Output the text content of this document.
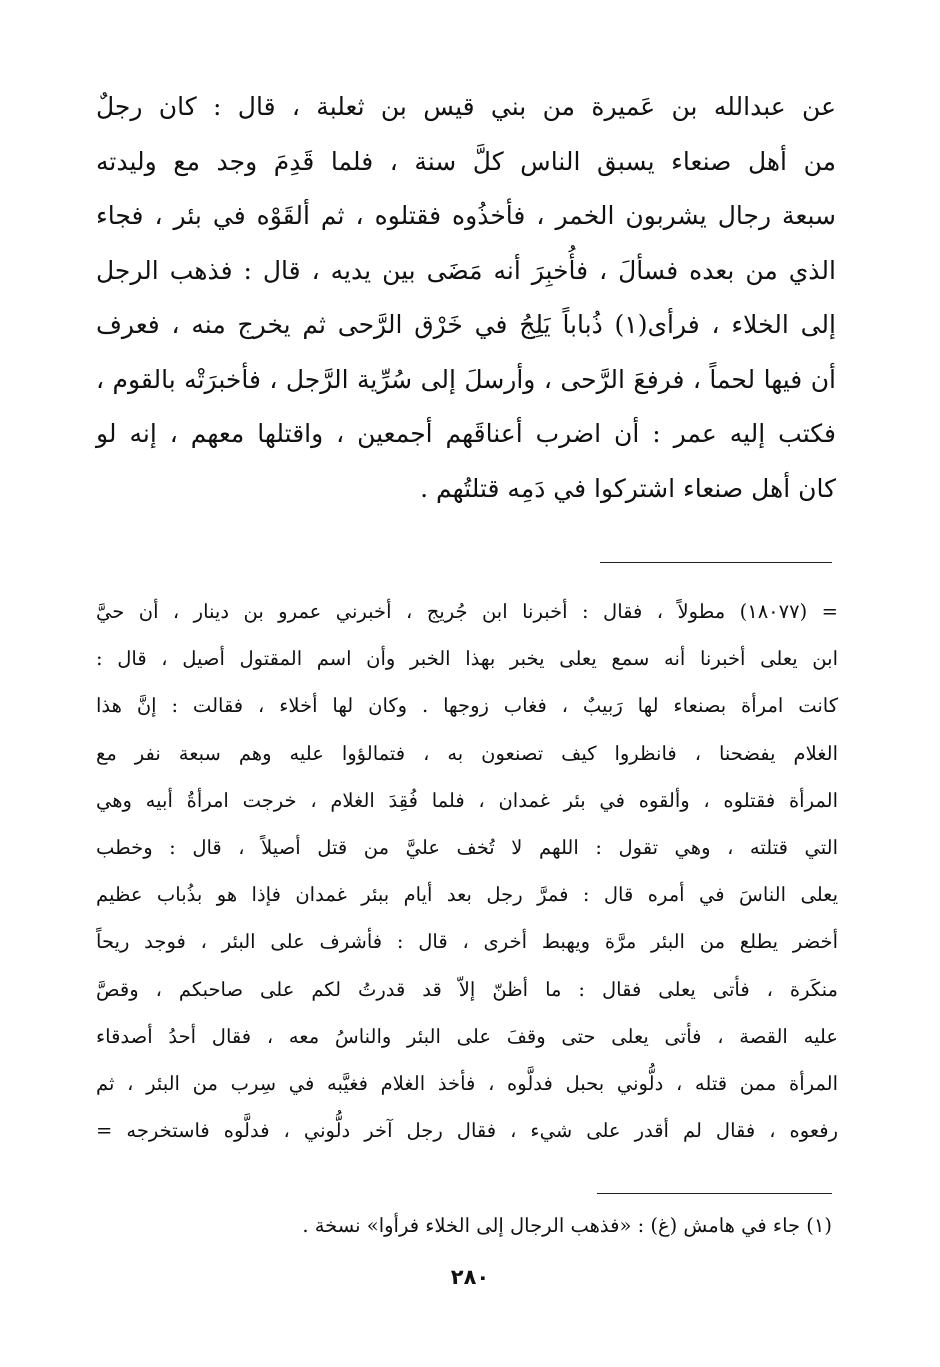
عن عبدالله بن عَميرة من بني قيس بن ثعلبة ، قال : كان رجلٌ
من أهل صنعاء يسبق الناس كلَّ سنة ، فلما قَدِمَ وجد مع وليدته
سبعة رجال يشربون الخمر ، فأخذُوه فقتلوه ، ثم ألقَوْه في بئر ، فجاء
الذي من بعده فسألَ ، فأُخبِرَ أنه مَضَى بين يديه ، قال : فذهب الرجل
إلى الخلاء ، فرأى(١) ذُباباً يَلِجُ في خَرْق الرَّحى ثم يخرج منه ، فعرف
أن فيها لحماً ، فرفعَ الرَّحى ، وأرسلَ إلى سُرِّية الرَّجل ، فأخبرَتْه بالقوم ،
فكتب إليه عمر : أن اضرب أعناقَهم أجمعين ، واقتلها معهم ، إنه لو
كان أهل صنعاء اشتركوا في دَمِه قتلتُهم .
= (١٨٠٧٧) مطولاً ، فقال : أخبرنا ابن جُريج ، أخبرني عمرو بن دينار ، أن حيَّ
ابن يعلى أخبرنا أنه سمع يعلى يخبر بهذا الخبر وأن اسم المقتول أصيل ، قال :
كانت امرأة بصنعاء لها رَبيبٌ ، فغاب زوجها . وكان لها أخلاء ، فقالت : إنَّ هذا
الغلام يفضحنا ، فانظروا كيف تصنعون به ، فتمالؤوا عليه وهم سبعة نفر مع
المرأة فقتلوه ، وألقوه في بئر غمدان ، فلما فُقِدَ الغلام ، خرجت امرأةُ أبيه وهي
التي قتلته ، وهي تقول : اللهم لا تُخف عليَّ من قتل أصيلاً ، قال : وخطب
يعلى الناسَ في أمره قال : فمرَّ رجل بعد أيام ببئر غمدان فإذا هو بذُباب عظيم
أخضر يطلع من البئر مرَّة ويهبط أخرى ، قال : فأشرف على البئر ، فوجد ريحاً
منكَرة ، فأتى يعلى فقال : ما أظنّ إلاّ قد قدرتُ لكم على صاحبكم ، وقصَّ
عليه القصة ، فأتى يعلى حتى وقفَ على البئر والناسُ معه ، فقال أحدُ أصدقاء
المرأة ممن قتله ، دلُّوني بحبل فدلَّوه ، فأخذ الغلام فغيَّبه في سِرب من البئر ، ثم
رفعوه ، فقال لم أقدر على شيء ، فقال رجل آخر دلُّوني ، فدلَّوه فاستخرجه =
(١) جاء في هامش (غ) : «فذهب الرجال إلى الخلاء فرأوا» نسخة .
٢٨٠
